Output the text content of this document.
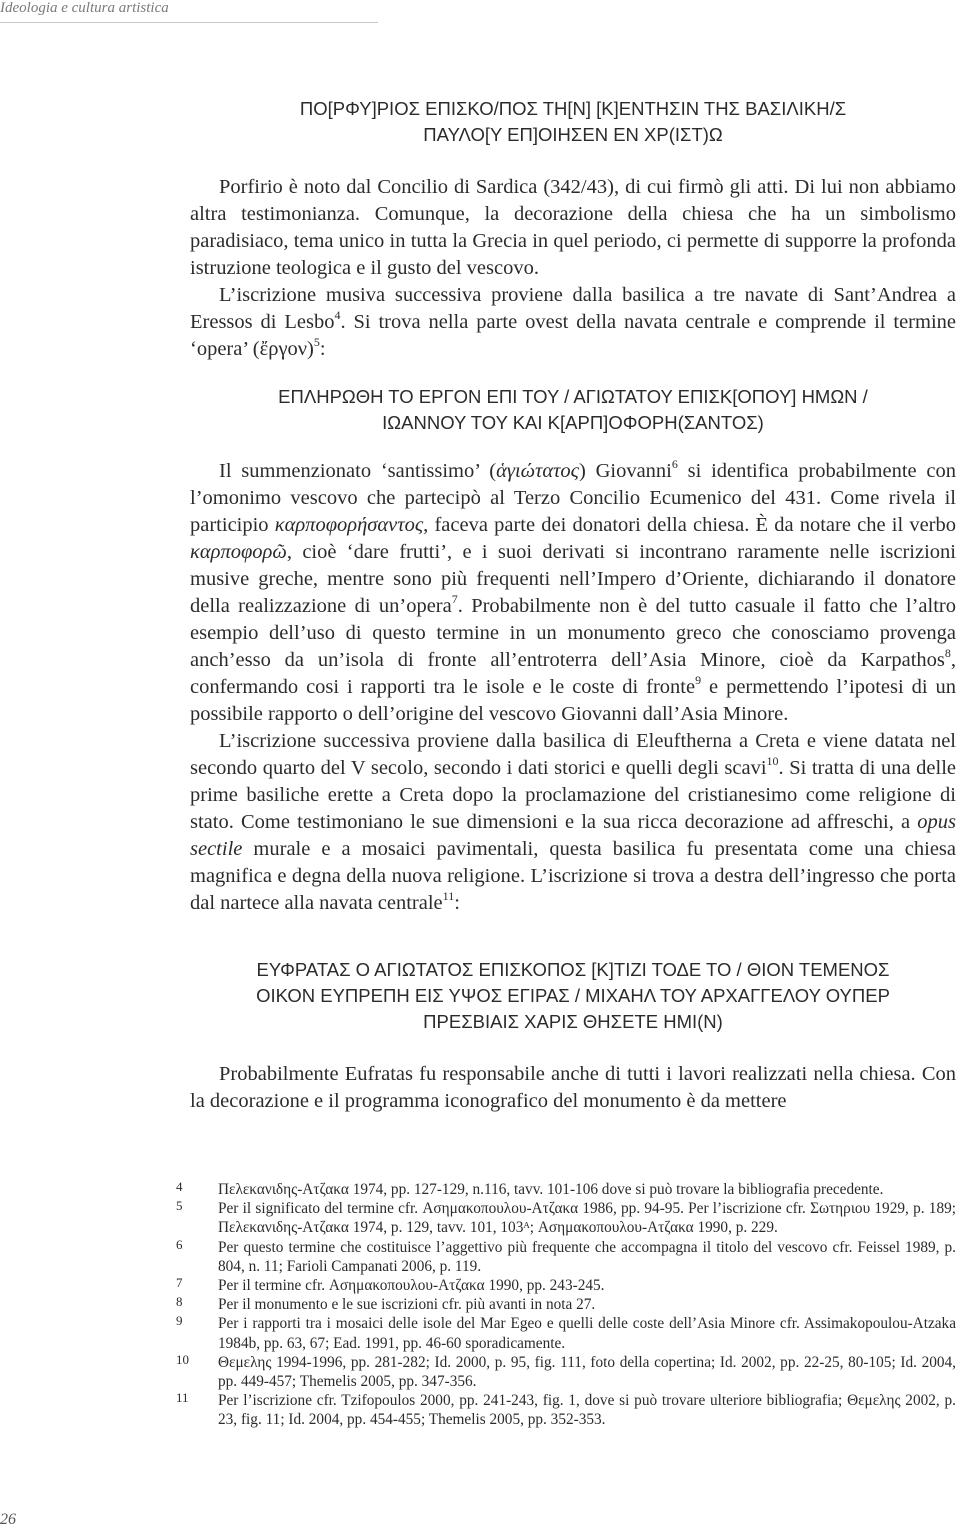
Ideologia e cultura artistica
ΠΟ[ΡΦΥ]ΡΙΟΣ ΕΠΙΣΚΟ/ΠΟΣ ΤΗ[Ν] [Κ]ΕΝΤΗΣΙΝ ΤΗΣ ΒΑΣΙΛΙΚΗ/Σ
ΠΑΥΛΟ[Υ ΕΠ]ΟΙΗΣΕΝ ΕΝ ΧΡ(ΙΣΤ)Ω

Porfirio è noto dal Concilio di Sardica (342/43), di cui firmò gli atti. Di lui non abbiamo altra testimonianza. Comunque, la decorazione della chiesa che ha un simbolismo paradisiaco, tema unico in tutta la Grecia in quel periodo, ci permette di supporre la profonda istruzione teologica e il gusto del vescovo.

L’iscrizione musiva successiva proviene dalla basilica a tre navate di Sant’Andrea a Eressos di Lesbo$^4$. Si trova nella parte ovest della navata centrale e comprende il termine ‘opera’ (ἔργον)$^5$:

ΕΠΛΗΡΩΘΗ ΤΟ ΕΡΓΟΝ ΕΠΙ ΤΟΥ / ΑΓΙΩΤΑΤΟΥ ΕΠΙΣΚ[ΟΠΟΥ] ΗΜΩΝ /
ΙΩΑΝΝΟΥ ΤΟΥ ΚΑΙ Κ[ΑΡΠ]ΟΦΟΡΗ(ΣΑΝΤΟΣ)

Il summenzionato ‘santissimo’ (ἁγιώτατος) Giovanni$^6$ si identifica probabilmente con l’omonimo vescovo che partecipò al Terzo Concilio Ecumenico del 431. Come rivela il participio καρποφορήσαντος, faceva parte dei donatori della chiesa. È da notare che il verbo καρποφορῶ, cioè ‘dare frutti’, e i suoi derivati si incontrano raramente nelle iscrizioni musive greche, mentre sono più frequenti nell’Impero d’Oriente, dichiarando il donatore della realizzazione di un’opera$^7$. Probabilmente non è del tutto casuale il fatto che l’altro esempio dell’uso di questo termine in un monumento greco che conosciamo provenga anch’esso da un’isola di fronte all’entroterra dell’Asia Minore, cioè da Karpathos$^8$, confermando cosi i rapporti tra le isole e le coste di fronte$^9$ e permettendo l’ipotesi di un possibile rapporto o dell’origine del vescovo Giovanni dall’Asia Minore.

L’iscrizione successiva proviene dalla basilica di Eleuftherna a Creta e viene datata nel secondo quarto del V secolo, secondo i dati storici e quelli degli scavi$^{10}$. Si tratta di una delle prime basiliche erette a Creta dopo la proclamazione del cristianesimo come religione di stato. Come testimoniano le sue dimensioni e la sua ricca decorazione ad affreschi, a opus sectile murale e a mosaici pavimentali, questa basilica fu presentata come una chiesa magnifica e degna della nuova religione. L’iscrizione si trova a destra dell’ingresso che porta dal nartece alla navata centrale$^{11}$:

ΕΥΦΡΑΤΑΣ Ο ΑΓΙΩΤΑΤΟΣ ΕΠΙΣΚΟΠΟΣ [Κ]ΤΙΖΙ ΤΟΔΕ ΤΟ / ΘΙΟΝ ΤΕΜΕΝΟΣ
ΟΙΚΟΝ ΕΥΠΡΕΠΗ ΕΙΣ ΥΨΟΣ ΕΓΙΡΑΣ / ΜΙΧΑΗΛ ΤΟΥ ΑΡΧΑΓΓΕΛΟΥ ΟΥΠΕΡ
ΠΡΕΣΒΙΑΙΣ ΧΑΡΙΣ ΘΗΣΕΤΕ ΗΜΙ(Ν)

Probabilmente Eufratas fu responsabile anche di tutti i lavori realizzati nella chiesa. Con la decorazione e il programma iconografico del monumento è da mettere

4 Πελεκανιδης-Ατζακα 1974, pp. 127-129, n.116, tavv. 101-106 dove si può trovare la bibliografia precedente.
5 Per il significato del termine cfr. Ασημακοπουλου-Ατζακα 1986, pp. 94-95. Per l’iscrizione cfr. Σωτηριου 1929, p. 189; Πελεκανιδης-Ατζακα 1974, p. 129, tavv. 101, 103ᴬ; Ασημακοπουλου-Ατζακα 1990, p. 229.
6 Per questo termine che costituisce l’aggettivo più frequente che accompagna il titolo del vescovo cfr. Feissel 1989, p. 804, n. 11; Farioli Campanati 2006, p. 119.
7 Per il termine cfr. Ασημακοπουλου-Ατζακα 1990, pp. 243-245.
8 Per il monumento e le sue iscrizioni cfr. più avanti in nota 27.
9 Per i rapporti tra i mosaici delle isole del Mar Egeo e quelli delle coste dell’Asia Minore cfr. Assimakopoulou-Atzaka 1984b, pp. 63, 67; Ead. 1991, pp. 46-60 sporadicamente.
10 Θεμελης 1994-1996, pp. 281-282; Id. 2000, p. 95, fig. 111, foto della copertina; Id. 2002, pp. 22-25, 80-105; Id. 2004, pp. 449-457; Themelis 2005, pp. 347-356.
11 Per l’iscrizione cfr. Tzifopoulos 2000, pp. 241-243, fig. 1, dove si può trovare ulteriore bibliografia; Θεμελης 2002, p. 23, fig. 11; Id. 2004, pp. 454-455; Themelis 2005, pp. 352-353.
26
